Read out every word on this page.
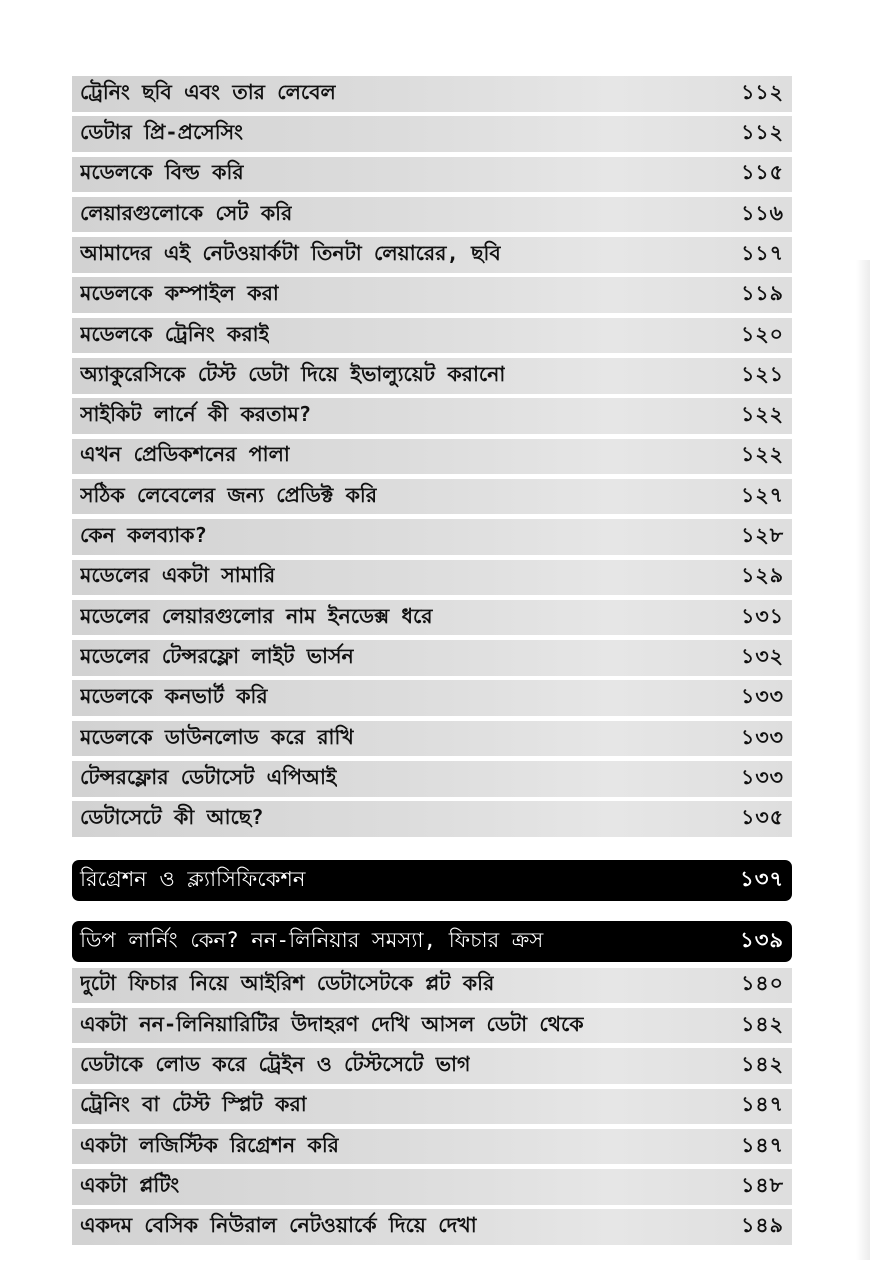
ট্রেনিং ছবি এবং তার লেবেল	১১২
ডেটার প্রি-প্রসেসিং	১১২
মডেলকে বিল্ড করি	১১৫
লেয়ারগুলোকে সেট করি	১১৬
আমাদের এই নেটওয়ার্কটা তিনটা লেয়ারের, ছবি	১১৭
মডেলকে কম্পাইল করা	১১৯
মডেলকে ট্রেনিং করাই	১২০
অ্যাকুরেসিকে টেস্ট ডেটা দিয়ে ইভাল্যুয়েট করানো	১২১
সাইকিট লার্নে কী করতাম?	১২২
এখন প্রেডিকশনের পালা	১২২
সঠিক লেবেলের জন্য প্রেডিক্ট করি	১২৭
কেন কলব্যাক?	১২৮
মডেলের একটা সামারি	১২৯
মডেলের লেয়ারগুলোর নাম ইনডেক্স ধরে	১৩১
মডেলের টেন্সরফ্লো লাইট ভার্সন	১৩২
মডেলকে কনভার্ট করি	১৩৩
মডেলকে ডাউনলোড করে রাখি	১৩৩
টেন্সরফ্লোর ডেটাসেট এপিআই	১৩৩
ডেটাসেটে কী আছে?	১৩৫
রিগ্রেশন ও ক্ল্যাসিফিকেশন	১৩৭
ডিপ লার্নিং কেন? নন-লিনিয়ার সমস্যা, ফিচার ক্রস	১৩৯
দুটো ফিচার নিয়ে আইরিশ ডেটাসেটকে প্লট করি	১৪০
একটা নন-লিনিয়ারিটির উদাহরণ দেখি আসল ডেটা থেকে	১৪২
ডেটাকে লোড করে ট্রেইন ও টেস্টসেটে ভাগ	১৪২
ট্রেনিং বা টেস্ট স্প্লিট করা	১৪৭
একটা লজিস্টিক রিগ্রেশন করি	১৪৭
একটা প্লটিং	১৪৮
একদম বেসিক নিউরাল নেটওয়ার্কে দিয়ে দেখা	১৪৯
